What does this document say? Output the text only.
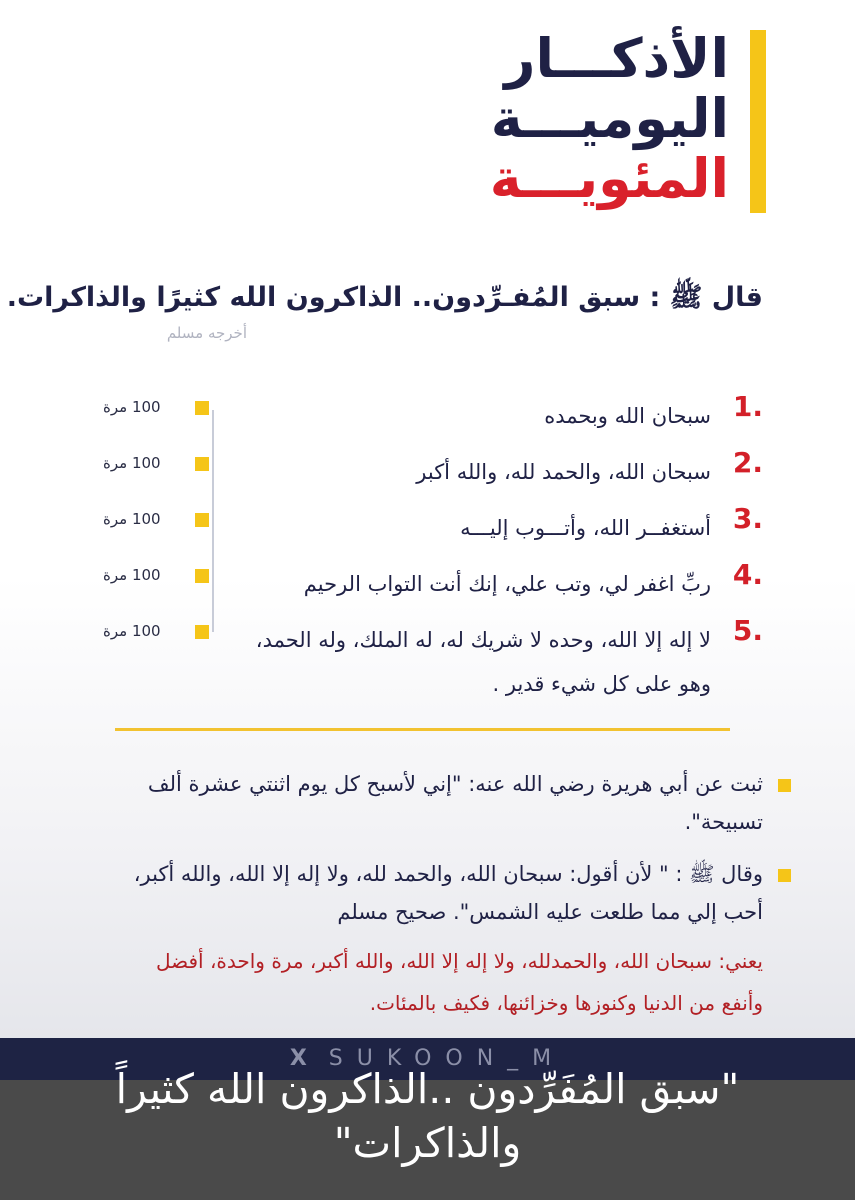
الأذكـــار
اليوميـــة
المئويـــة
قال ﷺ : سبق المُفـرِّدون.. الذاكرون الله كثيرًا والذاكرات.
أخرجه مسلم
1.
سبحان الله وبحمده
100 مرة
2.
سبحان الله، والحمد لله، والله أكبر
100 مرة
3.
أستغفــر الله، وأتـــوب إليـــه
100 مرة
4.
ربِّ اغفر لي، وتب علي، إنك أنت التواب الرحيم
100 مرة
5.
لا إله إلا الله، وحده لا شريك له، له الملك، وله الحمد، وهو على كل شيء قدير .
100 مرة
ثبت عن أبي هريرة رضي الله عنه: "إني لأسبح كل يوم اثنتي عشرة ألف تسبيحة".
وقال ﷺ : " لأن أقول: سبحان الله، والحمد لله، ولا إله إلا الله، والله أكبر، أحب إلي مما طلعت عليه الشمس". صحيح مسلم
يعني: سبحان الله، والحمدلله، ولا إله إلا الله، والله أكبر، مرة واحدة، أفضل وأنفع من الدنيا وكنوزها وخزائنها، فكيف بالمئات.
X SUKOON_M
"سبق المُفَرِّدون ..الذاكرون الله كثيراً والذاكرات"
